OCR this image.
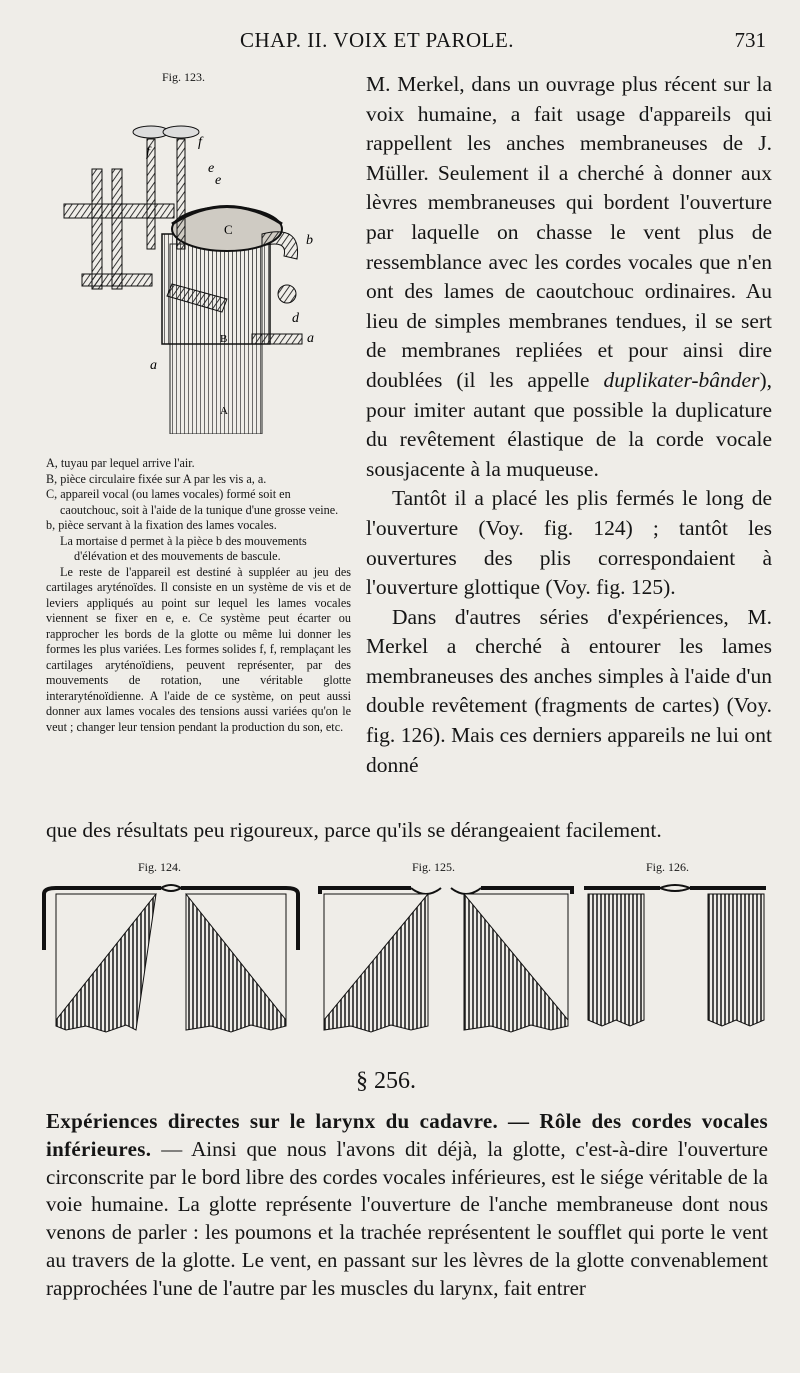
CHAP. II. VOIX ET PAROLE.	731
Fig. 123.
f
f
e
e
C
b
d
a
a
B
A
A, tuyau par lequel arrive l'air.
B, pièce circulaire fixée sur A par les vis a, a.
C, appareil vocal (ou lames vocales) formé soit en caoutchouc, soit à l'aide de la tunique d'une grosse veine.
b, pièce servant à la fixation des lames vocales.
La mortaise d permet à la pièce b des mouvements d'élévation et des mouvements de bascule.
Le reste de l'appareil est destiné à suppléer au jeu des cartilages aryténoïdes. Il consiste en un système de vis et de leviers appliqués au point sur lequel les lames vocales viennent se fixer en e, e. Ce système peut écarter ou rapprocher les bords de la glotte ou même lui donner les formes les plus variées. Les formes solides f, f, remplaçant les cartilages aryténoïdiens, peuvent représenter, par des mouvements de rotation, une véritable glotte interaryténoïdienne. A l'aide de ce système, on peut aussi donner aux lames vocales des tensions aussi variées qu'on le veut ; changer leur tension pendant la production du son, etc.

M. Merkel, dans un ouvrage plus récent sur la voix humaine, a fait usage d'appareils qui rappellent les anches membraneuses de J. Müller. Seulement il a cherché à donner aux lèvres membraneuses qui bordent l'ouverture par laquelle on chasse le vent plus de ressemblance avec les cordes vocales que n'en ont des lames de caoutchouc ordinaires. Au lieu de simples membranes tendues, il se sert de membranes repliées et pour ainsi dire doublées (il les appelle duplikater-bânder), pour imiter autant que possible la duplicature du revêtement élastique de la corde vocale sousjacente à la muqueuse.

Tantôt il a placé les plis fermés le long de l'ouverture (Voy. fig. 124) ; tantôt les ouvertures des plis correspondaient à l'ouverture glottique (Voy. fig. 125).

Dans d'autres séries d'expériences, M. Merkel a cherché à entourer les lames membraneuses des anches simples à l'aide d'un double revêtement (fragments de cartes) (Voy. fig. 126). Mais ces derniers appareils ne lui ont donné

que des résultats peu rigoureux, parce qu'ils se dérangeaient facilement.
Fig. 124.	Fig. 125.	Fig. 126.
§ 256.
Expériences directes sur le larynx du cadavre. — Rôle des cordes vocales inférieures. — Ainsi que nous l'avons dit déjà, la glotte, c'est-à-dire l'ouverture circonscrite par le bord libre des cordes vocales inférieures, est le siége véritable de la voie humaine. La glotte représente l'ouverture de l'anche membraneuse dont nous venons de parler : les poumons et la trachée représentent le soufflet qui porte le vent au travers de la glotte. Le vent, en passant sur les lèvres de la glotte convenablement rapprochées l'une de l'autre par les muscles du larynx, fait entrer
